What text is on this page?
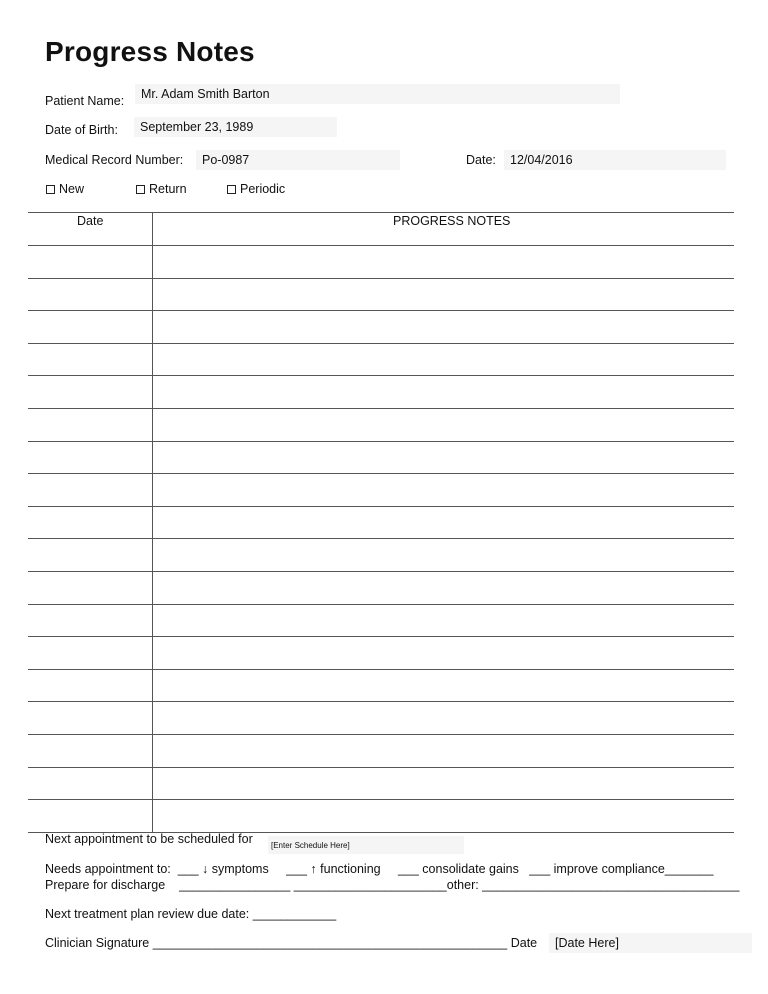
Progress Notes
Patient Name:	Mr. Adam Smith Barton
Date of Birth:	September 23, 1989
Medical Record Number:	Po-0987	Date:	12/04/2016
New	Return	Periodic
Date	PROGRESS NOTES
Next appointment to be scheduled for	[Enter Schedule Here]
Needs appointment to:  ___ ↓ symptoms     ___ ↑ functioning     ___ consolidate gains   ___ improve compliance_______
Prepare for discharge    ________________ ______________________other: _____________________________________
Next treatment plan review due date: ____________
Clinician Signature ___________________________________________________ Date	[Date Here]
